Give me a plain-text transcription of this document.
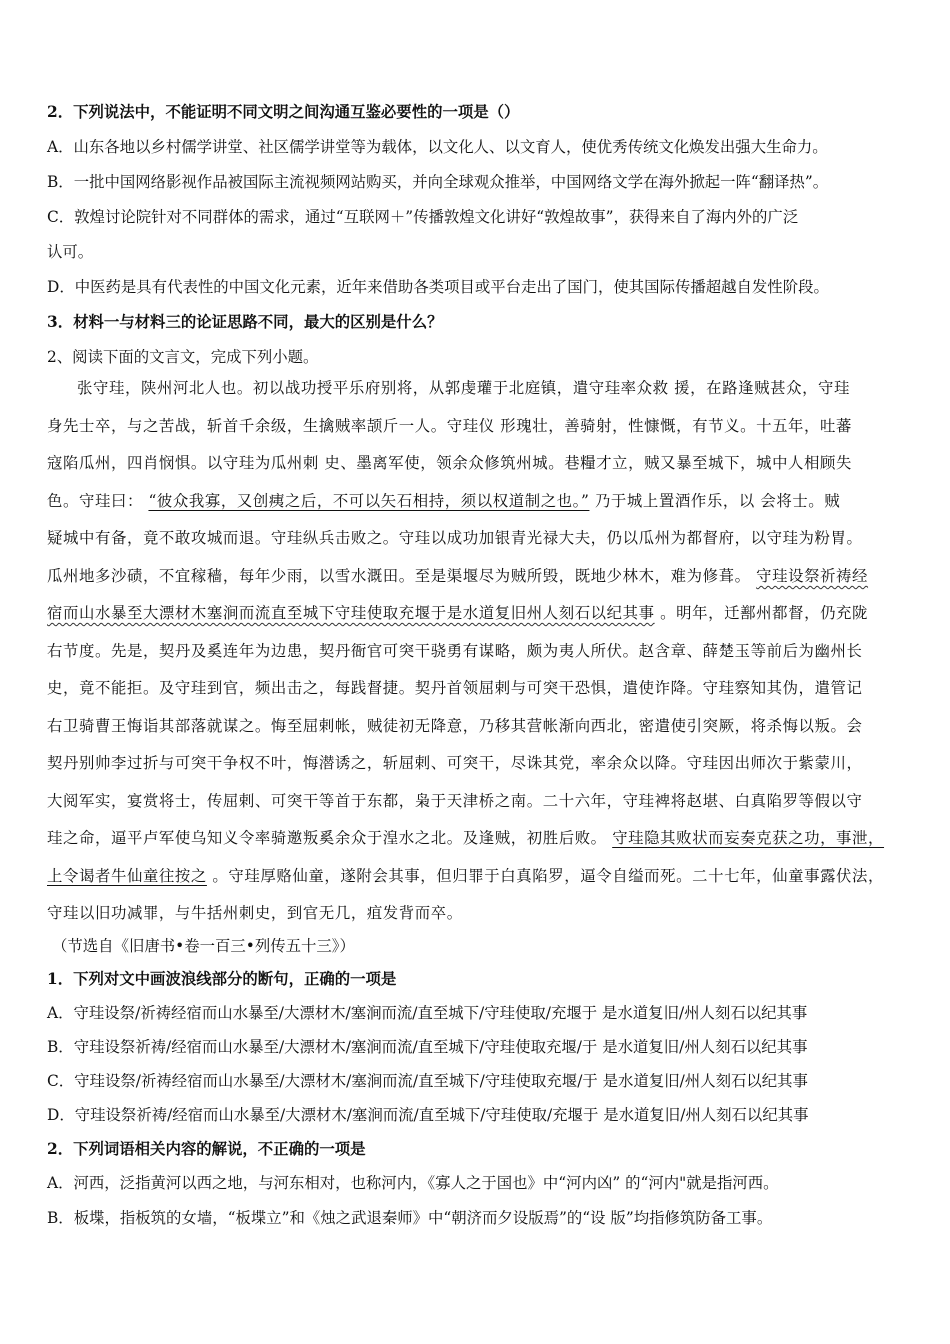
2．下列说法中，不能证明不同文明之间沟通互鉴必要性的一项是（）
A．山东各地以乡村儒学讲堂、社区儒学讲堂等为载体，以文化人、以文育人，使优秀传统文化焕发出强大生命力。
B．一批中国网络影视作品被国际主流视频网站购买，并向全球观众推举，中国网络文学在海外掀起一阵“翻译热”。
C．敦煌讨论院针对不同群体的需求，通过“互联网＋”传播敦煌文化讲好“敦煌故事”，获得来自了海内外的广泛
认可。
D．中医药是具有代表性的中国文化元素，近年来借助各类项目或平台走出了国门，使其国际传播超越自发性阶段。
3．材料一与材料三的论证思路不同，最大的区别是什么？
2、阅读下面的文言文，完成下列小题。
张守珪，陕州河北人也。初以战功授平乐府别将，从郭虔瓘于北庭镇，遣守珪率众救 援，在路逢贼甚众，守珪
身先士卒，与之苦战，斩首千余级，生擒贼率颉斤一人。守珪仪 形瑰壮，善骑射，性慷慨，有节义。十五年，吐蕃
寇陷瓜州，四肖悯惧。以守珪为瓜州刺 史、墨离军使，领余众修筑州城。巷糧才立，贼又暴至城下，城中人相顾失
色。守珪曰： “彼众我寡，又创痍之后，不可以矢石相持，须以权道制之也。” 乃于城上置酒作乐，以 会将士。贼
疑城中有备，竟不敢攻城而退。守珪纵兵击败之。守珪以成功加银青光禄大夫，仍以瓜州为都督府，以守珪为粉胃。
瓜州地多沙碛，不宜稼穑，每年少雨，以雪水溉田。至是渠堰尽为贼所毁，既地少林木，难为修葺。 守珪设祭祈祷经
宿而山水暴至大漂材木塞涧而流直至城下守珪使取充堰于是水道复旧州人刻石以纪其事 。明年，迁鄯州都督，仍充陇
右节度。先是，契丹及奚连年为边患，契丹衙官可突干骁勇有谋略，颇为夷人所伏。赵含章、薛楚玉等前后为幽州长
史，竟不能拒。及守珪到官，频出击之，每践督捷。契丹首领屈剌与可突干恐惧，遣使诈降。守珪察知其伪，遣管记
右卫骑曹王悔诣其部落就谋之。悔至屈剌帐，贼徒初无降意，乃移其营帐渐向西北，密遣使引突厥，将杀悔以叛。会
契丹别帅李过折与可突干争权不叶，悔潜诱之，斩屈剌、可突干，尽诛其党，率余众以降。守珪因出师次于紫蒙川，
大阅军实，宴赏将士，传屈剌、可突干等首于东都，枭于天津桥之南。二十六年，守珪裨将赵堪、白真陷罗等假以守
珪之命，逼平卢军使乌知义令率骑邀叛奚余众于湟水之北。及逢贼，初胜后败。 守珪隐其败状而妄奏克获之功，事泄，
上令谒者牛仙童往按之 。守珪厚赂仙童，遂附会其事，但归罪于白真陷罗，逼令自缢而死。二十七年，仙童事露伏法，
守珪以旧功减罪，与牛括州刺史，到官无几，疽发背而卒。
（节选自《旧唐书•卷一百三•列传五十三》）
1．下列对文中画波浪线部分的断句，正确的一项是
A．守珪设祭/祈祷经宿而山水暴至/大漂材木/塞涧而流/直至城下/守珪使取/充堰于 是水道复旧/州人刻石以纪其事
B．守珪设祭祈祷/经宿而山水暴至/大漂材木/塞涧而流/直至城下/守珪使取充堰/于 是水道复旧/州人刻石以纪其事
C．守珪设祭/祈祷经宿而山水暴至/大漂材木/塞涧而流/直至城下/守珪使取充堰/于 是水道复旧/州人刻石以纪其事
D．守珪设祭祈祷/经宿而山水暴至/大漂材木/塞涧而流/直至城下/守珪使取/充堰于 是水道复旧/州人刻石以纪其事
2．下列词语相关内容的解说，不正确的一项是
A．河西，泛指黄河以西之地，与河东相对，也称河内，《寡人之于国也》中“河内凶” 的“河内"就是指河西。
B．板堞，指板筑的女墙，“板堞立”和《烛之武退秦师》中“朝济而夕设版焉”的“设 版”均指修筑防备工事。
